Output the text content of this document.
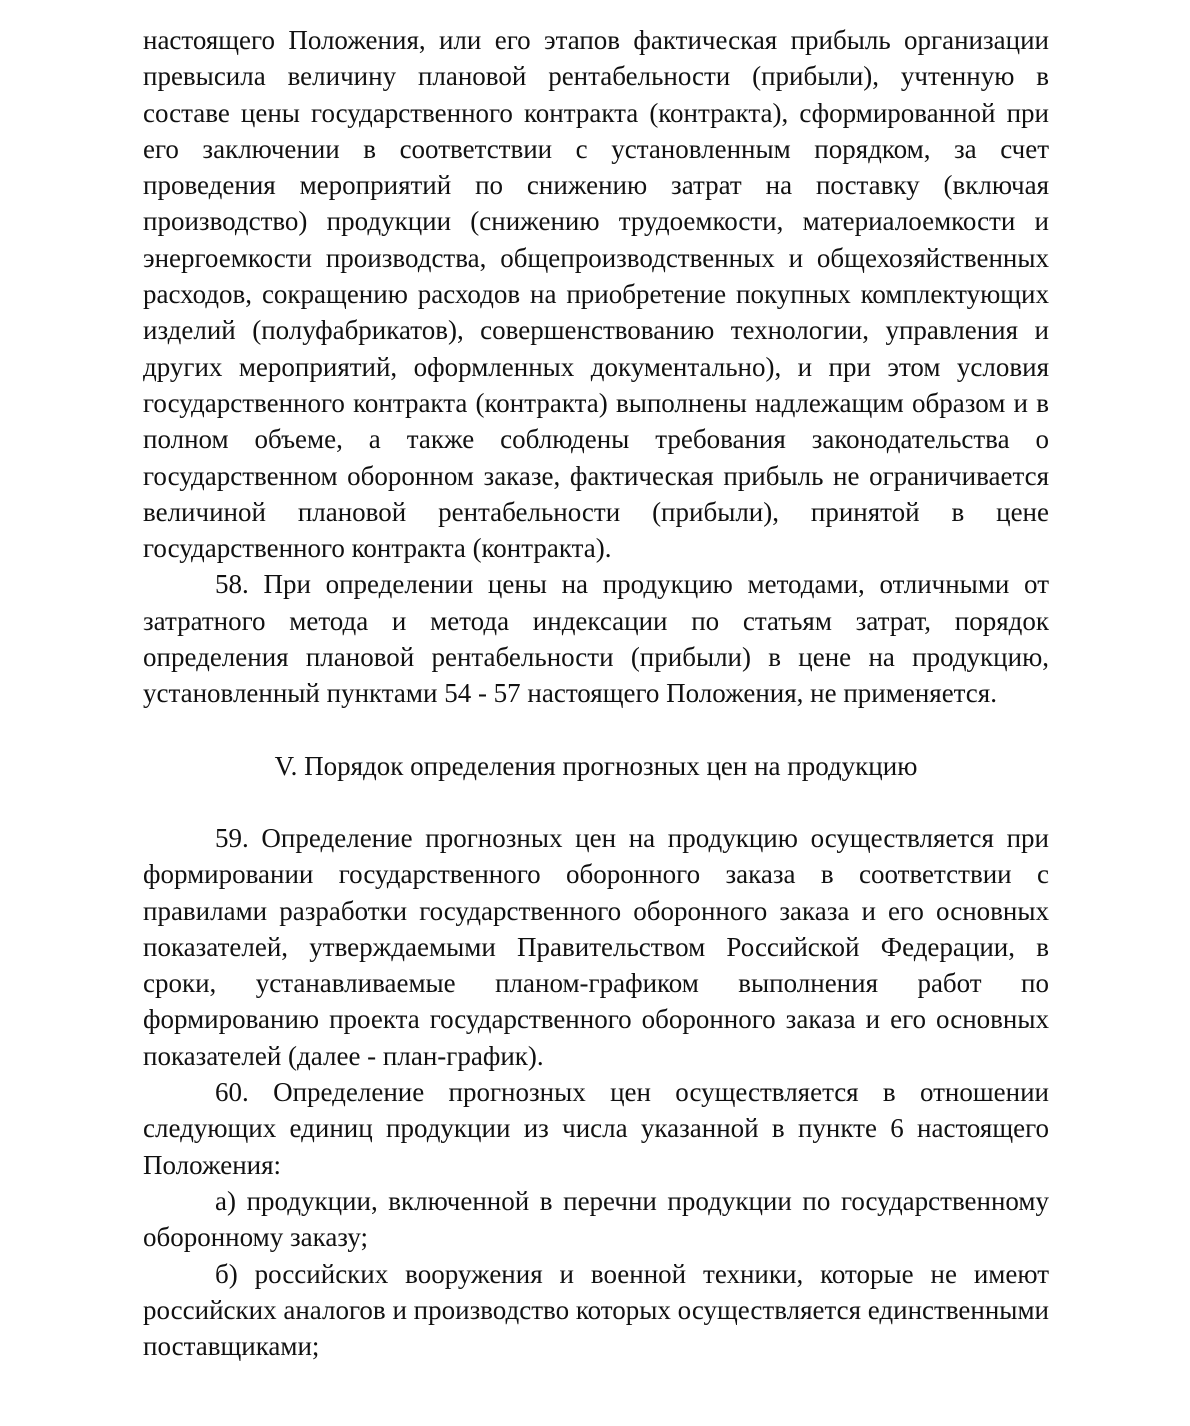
настоящего Положения, или его этапов фактическая прибыль организации превысила величину плановой рентабельности (прибыли), учтенную в составе цены государственного контракта (контракта), сформированной при его заключении в соответствии с установленным порядком, за счет проведения мероприятий по снижению затрат на поставку (включая производство) продукции (снижению трудоемкости, материалоемкости и энергоемкости производства, общепроизводственных и общехозяйственных расходов, сокращению расходов на приобретение покупных комплектующих изделий (полуфабрикатов), совершенствованию технологии, управления и других мероприятий, оформленных документально), и при этом условия государственного контракта (контракта) выполнены надлежащим образом и в полном объеме, а также соблюдены требования законодательства о государственном оборонном заказе, фактическая прибыль не ограничивается величиной плановой рентабельности (прибыли), принятой в цене государственного контракта (контракта).

58. При определении цены на продукцию методами, отличными от затратного метода и метода индексации по статьям затрат, порядок определения плановой рентабельности (прибыли) в цене на продукцию, установленный пунктами 54 - 57 настоящего Положения, не применяется.

V. Порядок определения прогнозных цен на продукцию

59. Определение прогнозных цен на продукцию осуществляется при формировании государственного оборонного заказа в соответствии с правилами разработки государственного оборонного заказа и его основных показателей, утверждаемыми Правительством Российской Федерации, в сроки, устанавливаемые планом-графиком выполнения работ по формированию проекта государственного оборонного заказа и его основных показателей (далее - план-график).

60. Определение прогнозных цен осуществляется в отношении следующих единиц продукции из числа указанной в пункте 6 настоящего Положения:

а) продукции, включенной в перечни продукции по государственному оборонному заказу;

б) российских вооружения и военной техники, которые не имеют российских аналогов и производство которых осуществляется единственными поставщиками;
